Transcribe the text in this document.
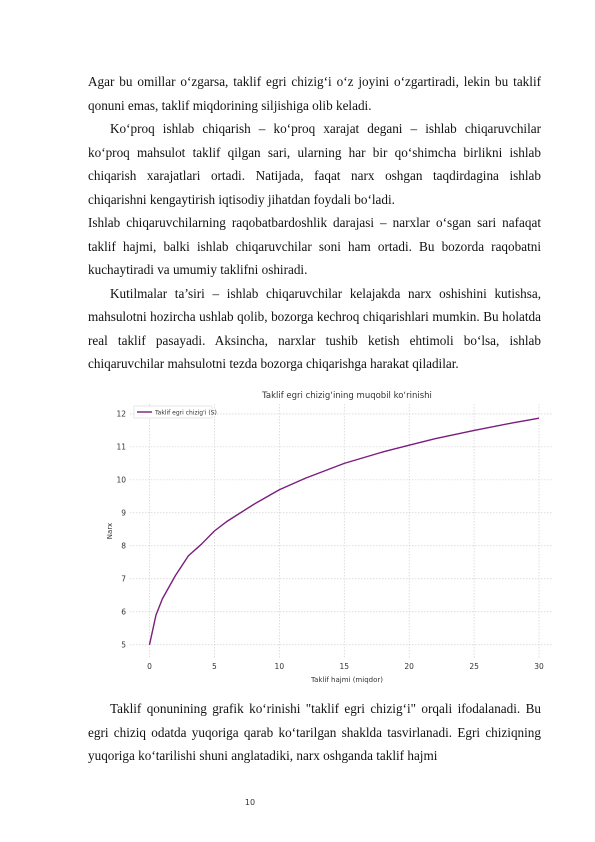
Agar bu omillar o‘zgarsa, taklif egri chizig‘i o‘z joyini o‘zgartiradi, lekin bu taklif qonuni emas, taklif miqdorining siljishiga olib keladi.

Ko‘proq ishlab chiqarish – ko‘proq xarajat degani – ishlab chiqaruvchilar ko‘proq mahsulot taklif qilgan sari, ularning har bir qo‘shimcha birlikni ishlab chiqarish xarajatlari ortadi. Natijada, faqat narx oshgan taqdirdagina ishlab chiqarishni kengaytirish iqtisodiy jihatdan foydali bo‘ladi.

Ishlab chiqaruvchilarning raqobatbardoshlik darajasi – narxlar o‘sgan sari nafaqat taklif hajmi, balki ishlab chiqaruvchilar soni ham ortadi. Bu bozorda raqobatni kuchaytiradi va umumiy taklifni oshiradi.

Kutilmalar ta’siri – ishlab chiqaruvchilar kelajakda narx oshishini kutishsa, mahsulotni hozircha ushlab qolib, bozorga kechroq chiqarishlari mumkin. Bu holatda real taklif pasayadi. Aksincha, narxlar tushib ketish ehtimoli bo‘lsa, ishlab chiqaruvchilar mahsulotni tezda bozorga chiqarishga harakat qiladilar.

0	5	10	15	20	25	30
5
6
7
8
9
10
11
12
Taklif egri chizig‘ining muqobil ko‘rinishi
Taklif hajmi (miqdor)
Narx
Taklif egri chizig'i (S)

Taklif qonunining grafik ko‘rinishi "taklif egri chizig‘i" orqali ifodalanadi. Bu egri chiziq odatda yuqoriga qarab ko‘tarilgan shaklda tasvirlanadi. Egri chiziqning yuqoriga ko‘tarilishi shuni anglatadiki, narx oshganda taklif hajmi

10
